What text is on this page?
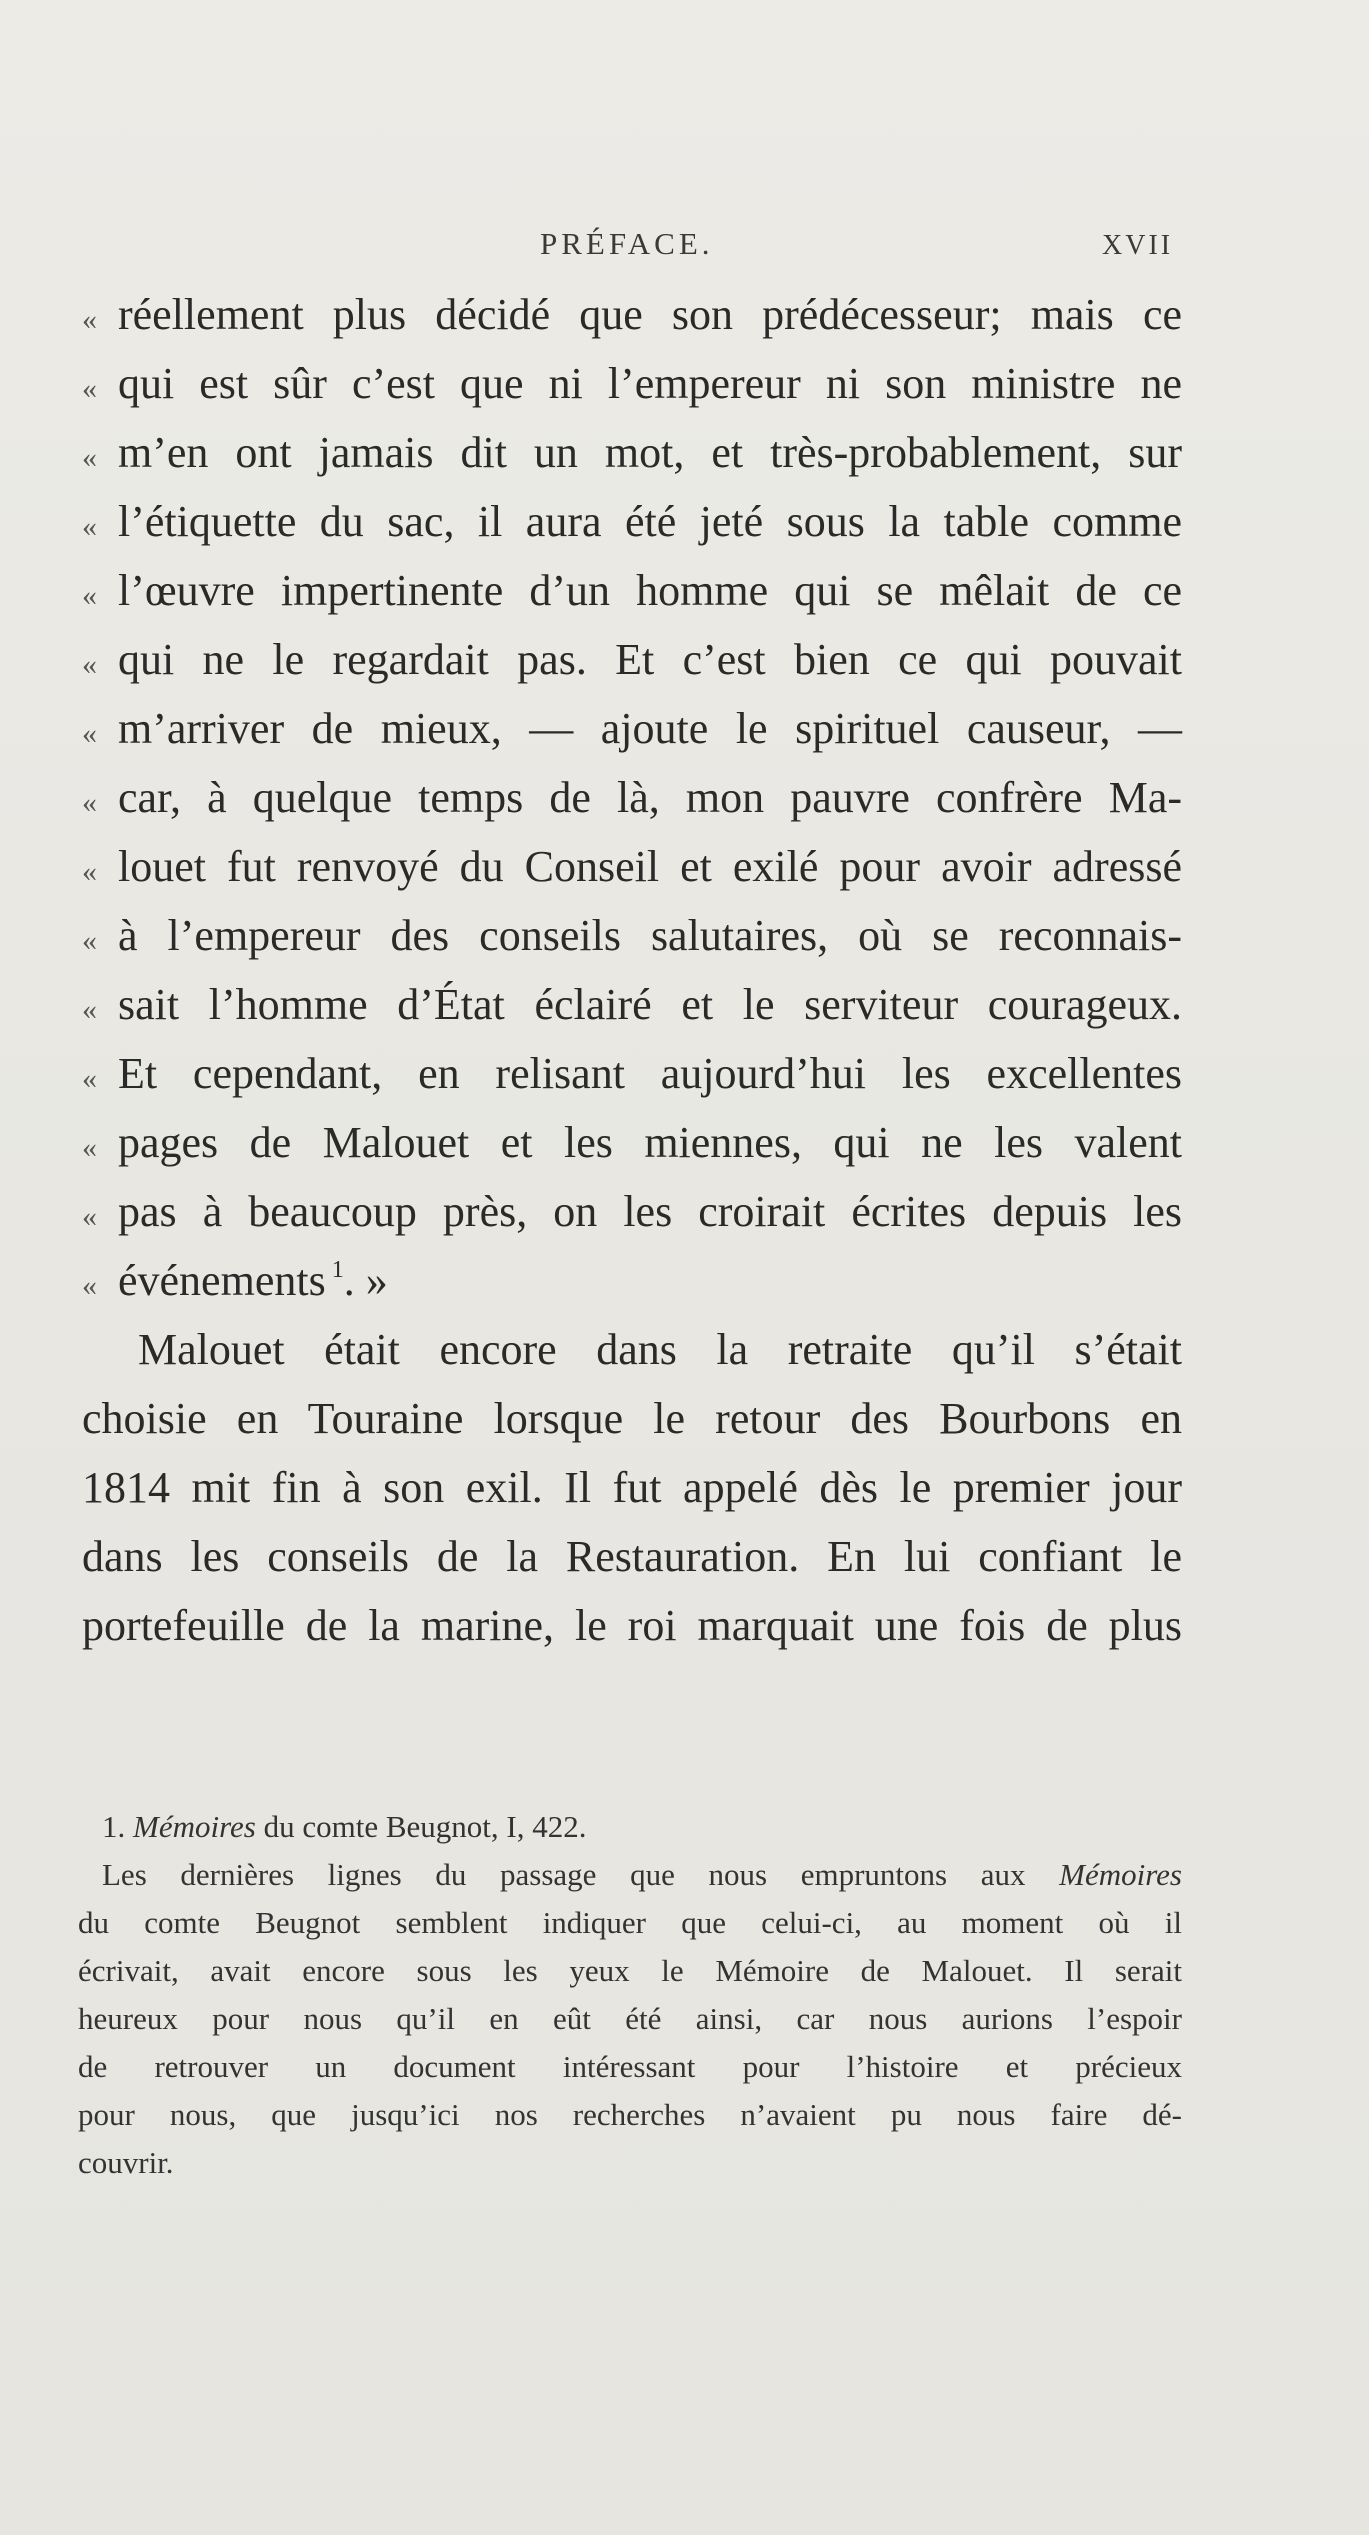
PRÉFACE.	XVII
« réellement plus décidé que son prédécesseur; mais ce
« qui est sûr c’est que ni l’empereur ni son ministre ne
« m’en ont jamais dit un mot, et très-probablement, sur
« l’étiquette du sac, il aura été jeté sous la table comme
« l’œuvre impertinente d’un homme qui se mêlait de ce
« qui ne le regardait pas. Et c’est bien ce qui pouvait
« m’arriver de mieux, — ajoute le spirituel causeur, —
« car, à quelque temps de là, mon pauvre confrère Ma-
« louet fut renvoyé du Conseil et exilé pour avoir adressé
« à l’empereur des conseils salutaires, où se reconnais-
« sait l’homme d’État éclairé et le serviteur courageux.
« Et cependant, en relisant aujourd’hui les excellentes
« pages de Malouet et les miennes, qui ne les valent
« pas à beaucoup près, on les croirait écrites depuis les
« événements $^1$. »
Malouet était encore dans la retraite qu’il s’était
choisie en Touraine lorsque le retour des Bourbons en
1814 mit fin à son exil. Il fut appelé dès le premier jour
dans les conseils de la Restauration. En lui confiant le
portefeuille de la marine, le roi marquait une fois de plus
1. Mémoires du comte Beugnot, I, 422.
Les dernières lignes du passage que nous empruntons aux Mémoires
du comte Beugnot semblent indiquer que celui-ci, au moment où il
écrivait, avait encore sous les yeux le Mémoire de Malouet. Il serait
heureux pour nous qu’il en eût été ainsi, car nous aurions l’espoir
de retrouver un document intéressant pour l’histoire et précieux
pour nous, que jusqu’ici nos recherches n’avaient pu nous faire dé-
couvrir.
